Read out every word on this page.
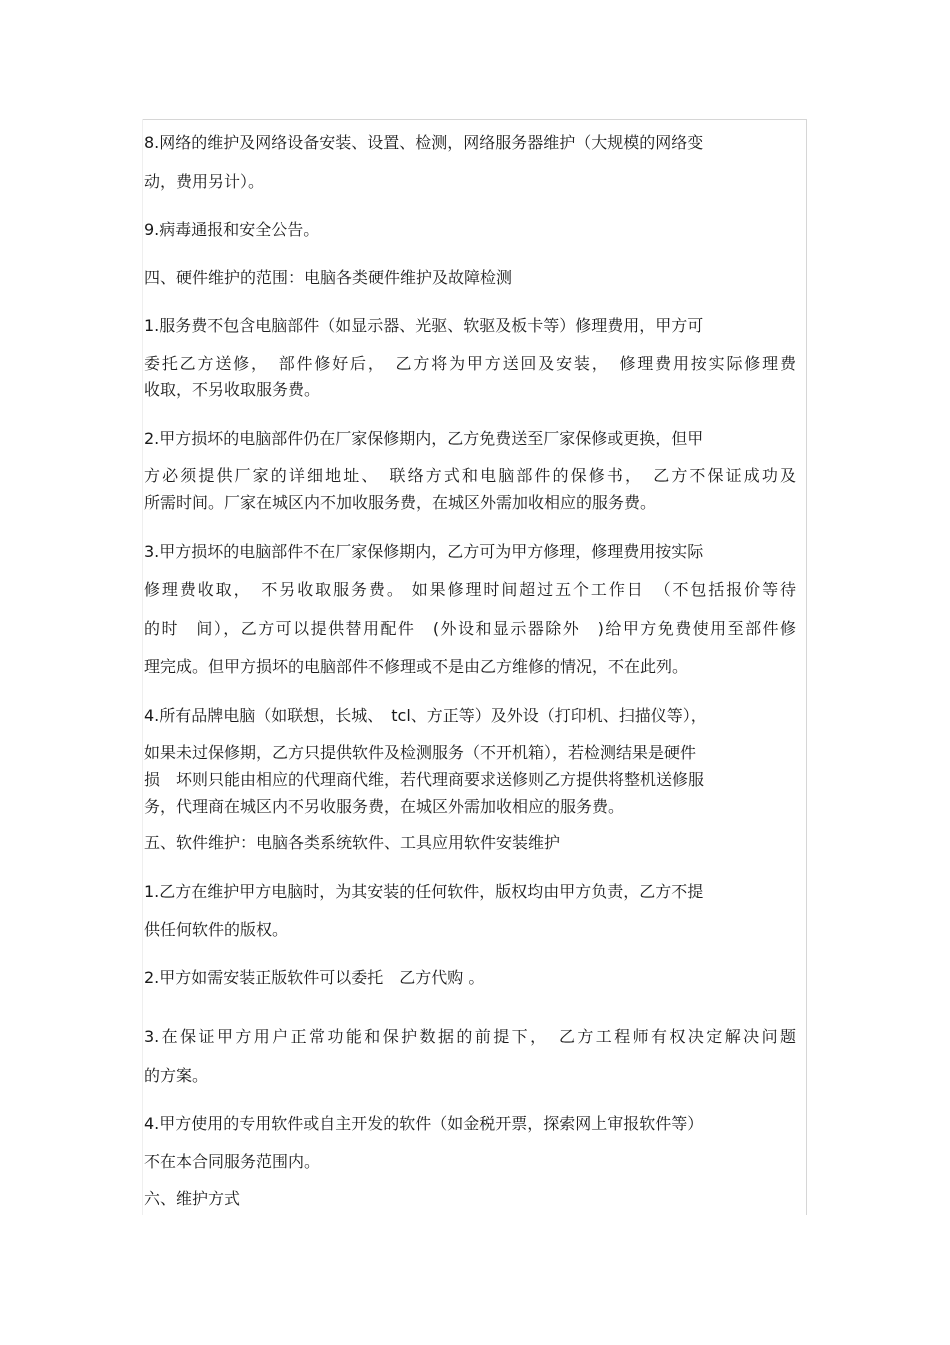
8.网络的维护及网络设备安装、设置、检测，网络服务器维护（大规模的网络变
动，费用另计）。
9.病毒通报和安全公告。
四、硬件维护的范围：电脑各类硬件维护及故障检测
1.服务费不包含电脑部件（如显示器、光驱、软驱及板卡等）修理费用，甲方可
委托乙方送修，　部件修好后，　乙方将为甲方送回及安装，　修理费用按实际修理费
收取，不另收取服务费。
2.甲方损坏的电脑部件仍在厂家保修期内，乙方免费送至厂家保修或更换，但甲
方必须提供厂家的详细地址、　联络方式和电脑部件的保修书，　乙方不保证成功及
所需时间。厂家在城区内不加收服务费，在城区外需加收相应的服务费。
3.甲方损坏的电脑部件不在厂家保修期内，乙方可为甲方修理，修理费用按实际
修理费收取，　不另收取服务费。 如果修理时间超过五个工作日　（不包括报价等待
的时　间），乙方可以提供替用配件　(外设和显示器除外　)给甲方免费使用至部件修
理完成。但甲方损坏的电脑部件不修理或不是由乙方维修的情况，不在此列。
4.所有品牌电脑（如联想，长城、　tcl、方正等）及外设（打印机、扫描仪等），
如果未过保修期，乙方只提供软件及检测服务（不开机箱），若检测结果是硬件
损　坏则只能由相应的代理商代维，若代理商要求送修则乙方提供将整机送修服
务，代理商在城区内不另收服务费，在城区外需加收相应的服务费。
五、软件维护：电脑各类系统软件、工具应用软件安装维护
1.乙方在维护甲方电脑时，为其安装的任何软件，版权均由甲方负责，乙方不提
供任何软件的版权。
2.甲方如需安装正版软件可以委托　乙方代购 。
3.在保证甲方用户正常功能和保护数据的前提下，　乙方工程师有权决定解决问题
的方案。
4.甲方使用的专用软件或自主开发的软件（如金税开票，探索网上审报软件等）
不在本合同服务范围内。
六、维护方式
